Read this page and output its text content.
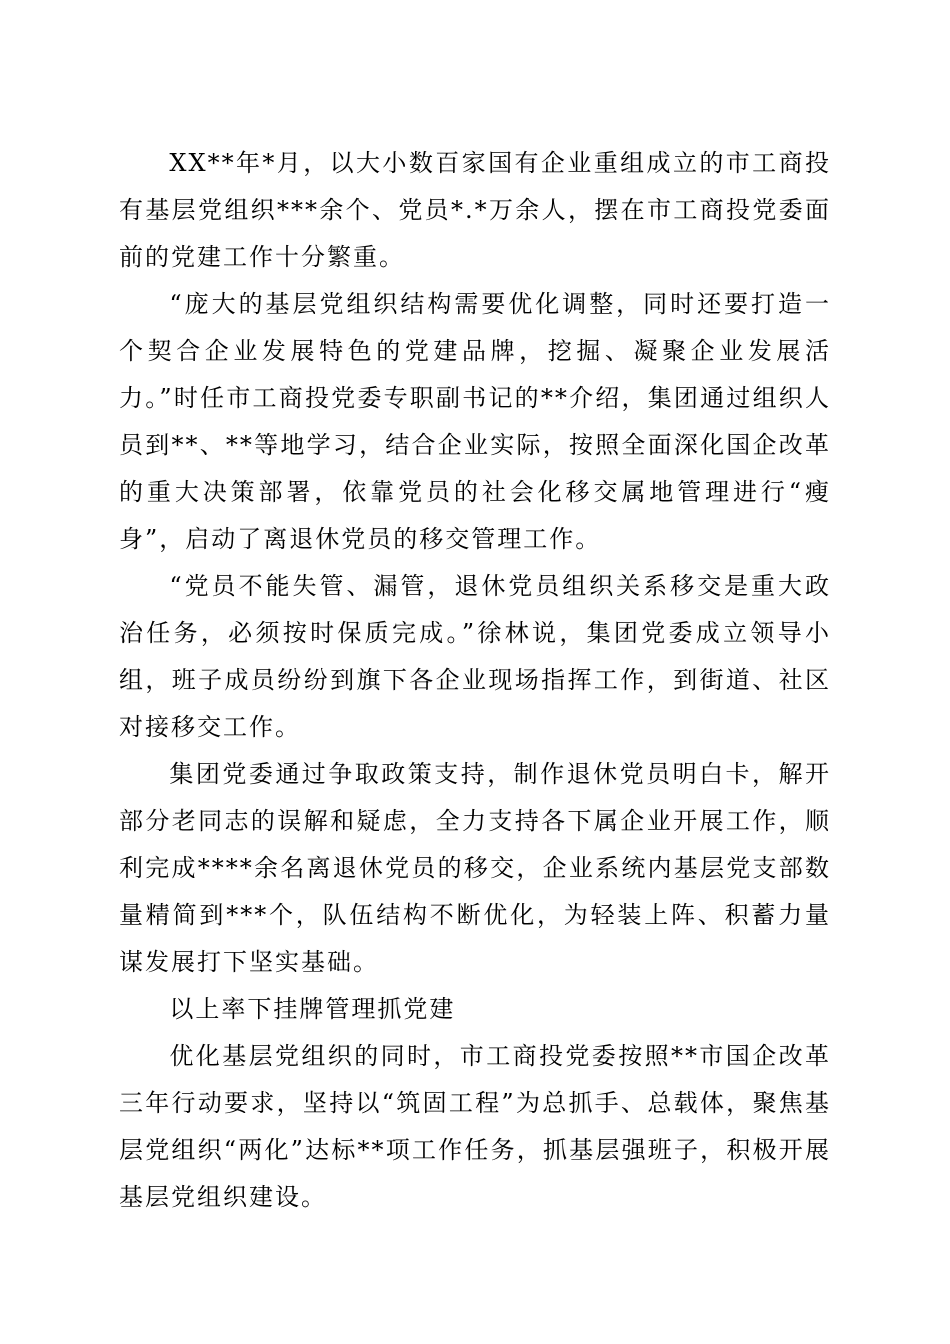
XX**年*月，以大小数百家国有企业重组成立的市工商投有基层党组织***余个、党员*.*万余人，摆在市工商投党委面前的党建工作十分繁重。

“庞大的基层党组织结构需要优化调整，同时还要打造一个契合企业发展特色的党建品牌，挖掘、凝聚企业发展活力。”时任市工商投党委专职副书记的**介绍，集团通过组织人员到**、**等地学习，结合企业实际，按照全面深化国企改革的重大决策部署，依靠党员的社会化移交属地管理进行“瘦身”，启动了离退休党员的移交管理工作。

“党员不能失管、漏管，退休党员组织关系移交是重大政治任务，必须按时保质完成。”徐林说，集团党委成立领导小组，班子成员纷纷到旗下各企业现场指挥工作，到街道、社区对接移交工作。

集团党委通过争取政策支持，制作退休党员明白卡，解开部分老同志的误解和疑虑，全力支持各下属企业开展工作，顺利完成****余名离退休党员的移交，企业系统内基层党支部数量精简到***个，队伍结构不断优化，为轻装上阵、积蓄力量谋发展打下坚实基础。

以上率下挂牌管理抓党建

优化基层党组织的同时，市工商投党委按照**市国企改革三年行动要求，坚持以“筑固工程”为总抓手、总载体，聚焦基层党组织“两化”达标**项工作任务，抓基层强班子，积极开展基层党组织建设。
